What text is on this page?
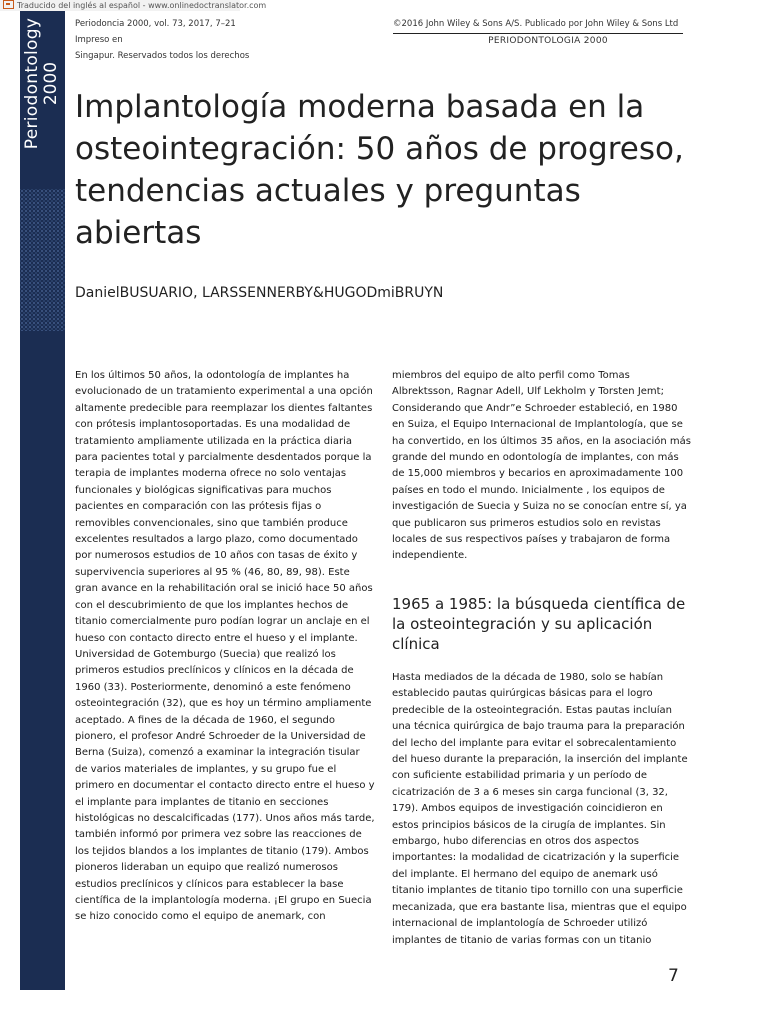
Traducido del inglés al español - www.onlinedoctranslator.com
Periodontology 2000
Periodoncia 2000, vol. 73, 2017, 7–21 Impreso en
Singapur. Reservados todos los derechos
©2016 John Wiley & Sons A/S. Publicado por John Wiley & Sons Ltd
PERIODONTOLOGIA 2000
Implantología moderna basada en la osteointegración: 50 años de progreso, tendencias actuales y preguntas abiertas
DanielBUSUARIO, LARSSENNERBY&HUGODmiBRUYN

En los últimos 50 años, la odontología de implantes ha evolucionado de un tratamiento experimental a una opción altamente predecible para reemplazar los dientes faltantes con prótesis implantosoportadas. Es una modalidad de tratamiento ampliamente utilizada en la práctica diaria para pacientes total y parcialmente desdentados porque la terapia de implantes moderna ofrece no solo ventajas funcionales y biológicas significativas para muchos pacientes en comparación con las prótesis fijas o removibles convencionales, sino que también produce excelentes resultados a largo plazo, como documentado por numerosos estudios de 10 años con tasas de éxito y supervivencia superiores al 95 % (46, 80, 89, 98). Este gran avance en la rehabilitación oral se inició hace 50 años con el descubrimiento de que los implantes hechos de titanio comercialmente puro podían lograr un anclaje en el hueso con contacto directo entre el hueso y el implante. Universidad de Gotemburgo (Suecia) que realizó los primeros estudios preclínicos y clínicos en la década de 1960 (33). Posteriormente, denominó a este fenómeno osteointegración (32), que es hoy un término ampliamente aceptado. A fines de la década de 1960, el segundo pionero, el profesor André Schroeder de la Universidad de Berna (Suiza), comenzó a examinar la integración tisular de varios materiales de implantes, y su grupo fue el primero en documentar el contacto directo entre el hueso y el implante para implantes de titanio en secciones histológicas no descalcificadas (177). Unos años más tarde, también informó por primera vez sobre las reacciones de los tejidos blandos a los implantes de titanio (179). Ambos pioneros lideraban un equipo que realizó numerosos estudios preclínicos y clínicos para establecer la base científica de la implantología moderna. ¡El grupo en Suecia se hizo conocido como el equipo de anemark, con

miembros del equipo de alto perfil como Tomas Albrektsson, Ragnar Adell, Ulf Lekholm y Torsten Jemt; Considerando que Andr”e Schroeder estableció, en 1980 en Suiza, el Equipo Internacional de Implantología, que se ha convertido, en los últimos 35 años, en la asociación más grande del mundo en odontología de implantes, con más de 15,000 miembros y becarios en aproximadamente 100 países en todo el mundo. Inicialmente , los equipos de investigación de Suecia y Suiza no se conocían entre sí, ya que publicaron sus primeros estudios solo en revistas locales de sus respectivos países y trabajaron de forma independiente.

1965 a 1985: la búsqueda científica de la osteointegración y su aplicación clínica

Hasta mediados de la década de 1980, solo se habían establecido pautas quirúrgicas básicas para el logro predecible de la osteointegración. Estas pautas incluían una técnica quirúrgica de bajo trauma para la preparación del lecho del implante para evitar el sobrecalentamiento del hueso durante la preparación, la inserción del implante con suficiente estabilidad primaria y un período de cicatrización de 3 a 6 meses sin carga funcional (3, 32, 179). Ambos equipos de investigación coincidieron en estos principios básicos de la cirugía de implantes. Sin embargo, hubo diferencias en otros dos aspectos importantes: la modalidad de cicatrización y la superficie del implante. El hermano del equipo de anemark usó titanio implantes de titanio tipo tornillo con una superficie mecanizada, que era bastante lisa, mientras que el equipo internacional de implantología de Schroeder utilizó implantes de titanio de varias formas con un titanio

7
